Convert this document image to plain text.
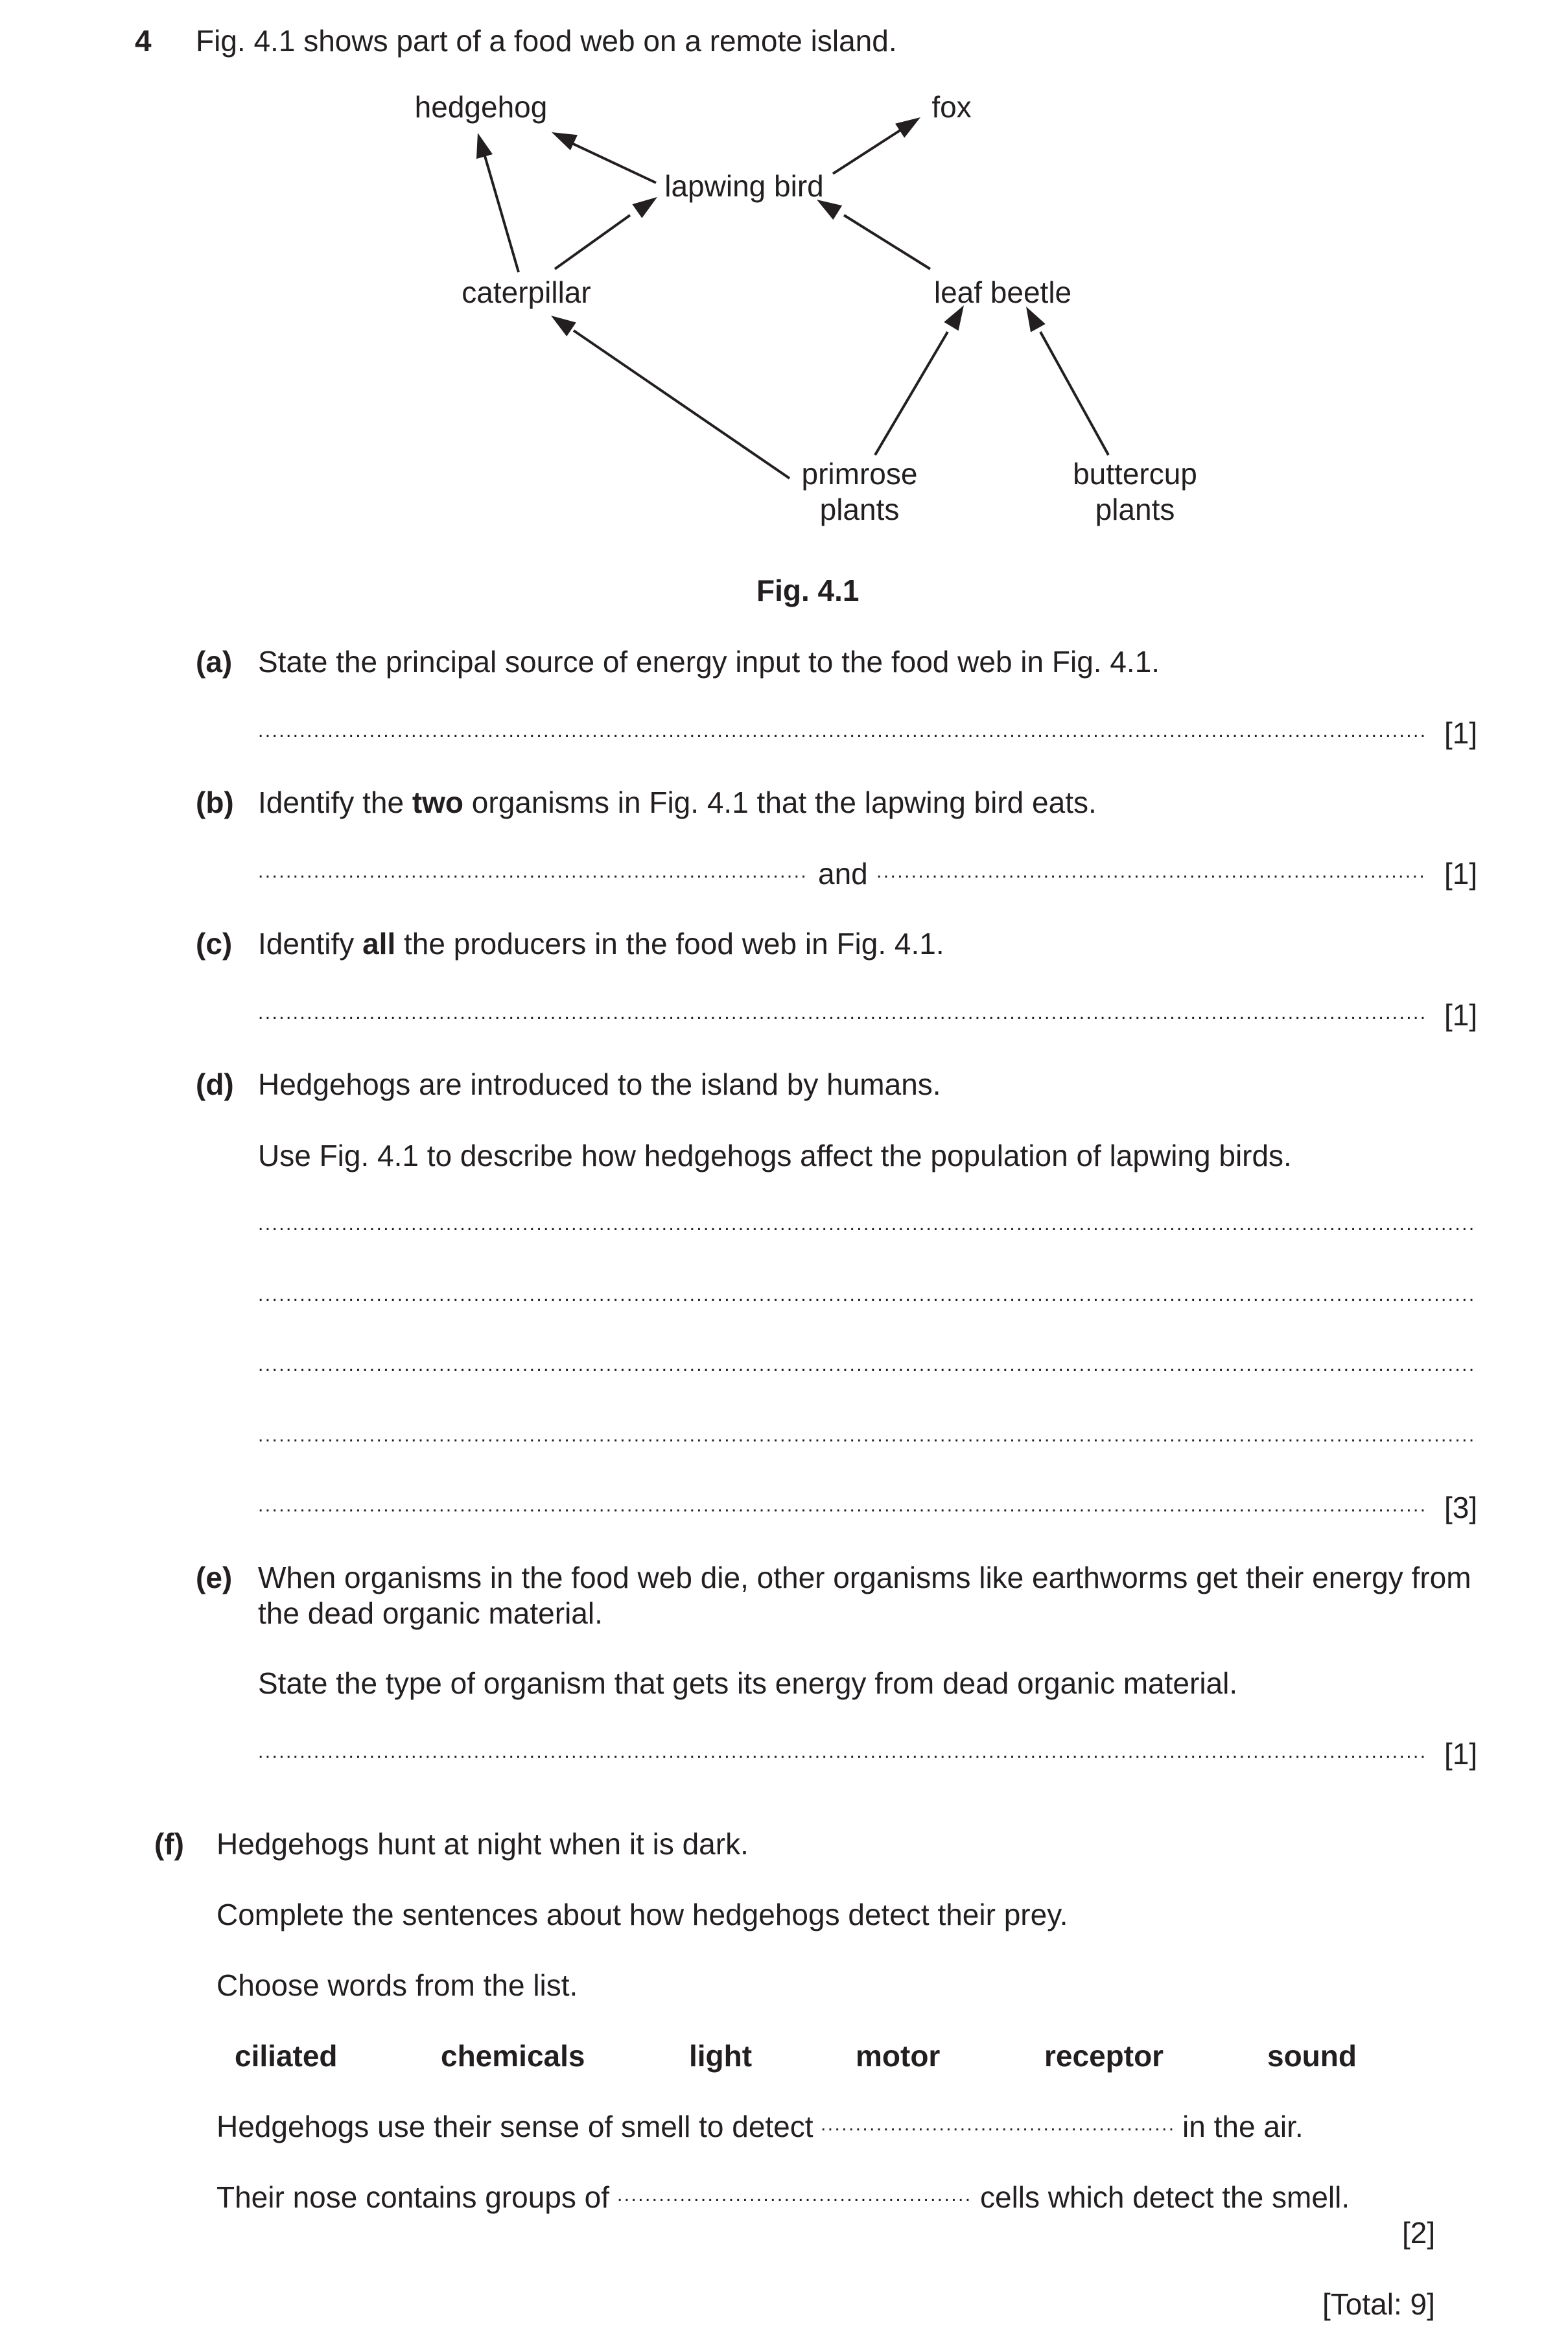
4 Fig. 4.1 shows part of a food web on a remote island.
hedgehog	fox
lapwing bird
caterpillar	leaf beetle
primrose
plants
buttercup
plants
Fig. 4.1
(a) State the principal source of energy input to the food web in Fig. 4.1.
.....
[1]
(b) Identify the two organisms in Fig. 4.1 that the lapwing bird eats.
.....
and .....	[1]
(c) Identify all the producers in the food web in Fig. 4.1.
.....
[1]
(d) Hedgehogs are introduced to the island by humans.
Use Fig. 4.1 to describe how hedgehogs affect the population of lapwing birds.
.....
.....
.....
.....
.....
[3]
(e) When organisms in the food web die, other organisms like earthworms get their energy from
the dead organic material.
State the type of organism that gets its energy from dead organic material.
.....
[1]
(f) Hedgehogs hunt at night when it is dark.
Complete the sentences about how hedgehogs detect their prey.
Choose words from the list.
ciliated	chemicals	light	motor	receptor	sound
Hedgehogs use their sense of smell to detect .....	in the air.
Their nose contains groups of .....	cells which detect the smell.
[2]
[Total: 9]
